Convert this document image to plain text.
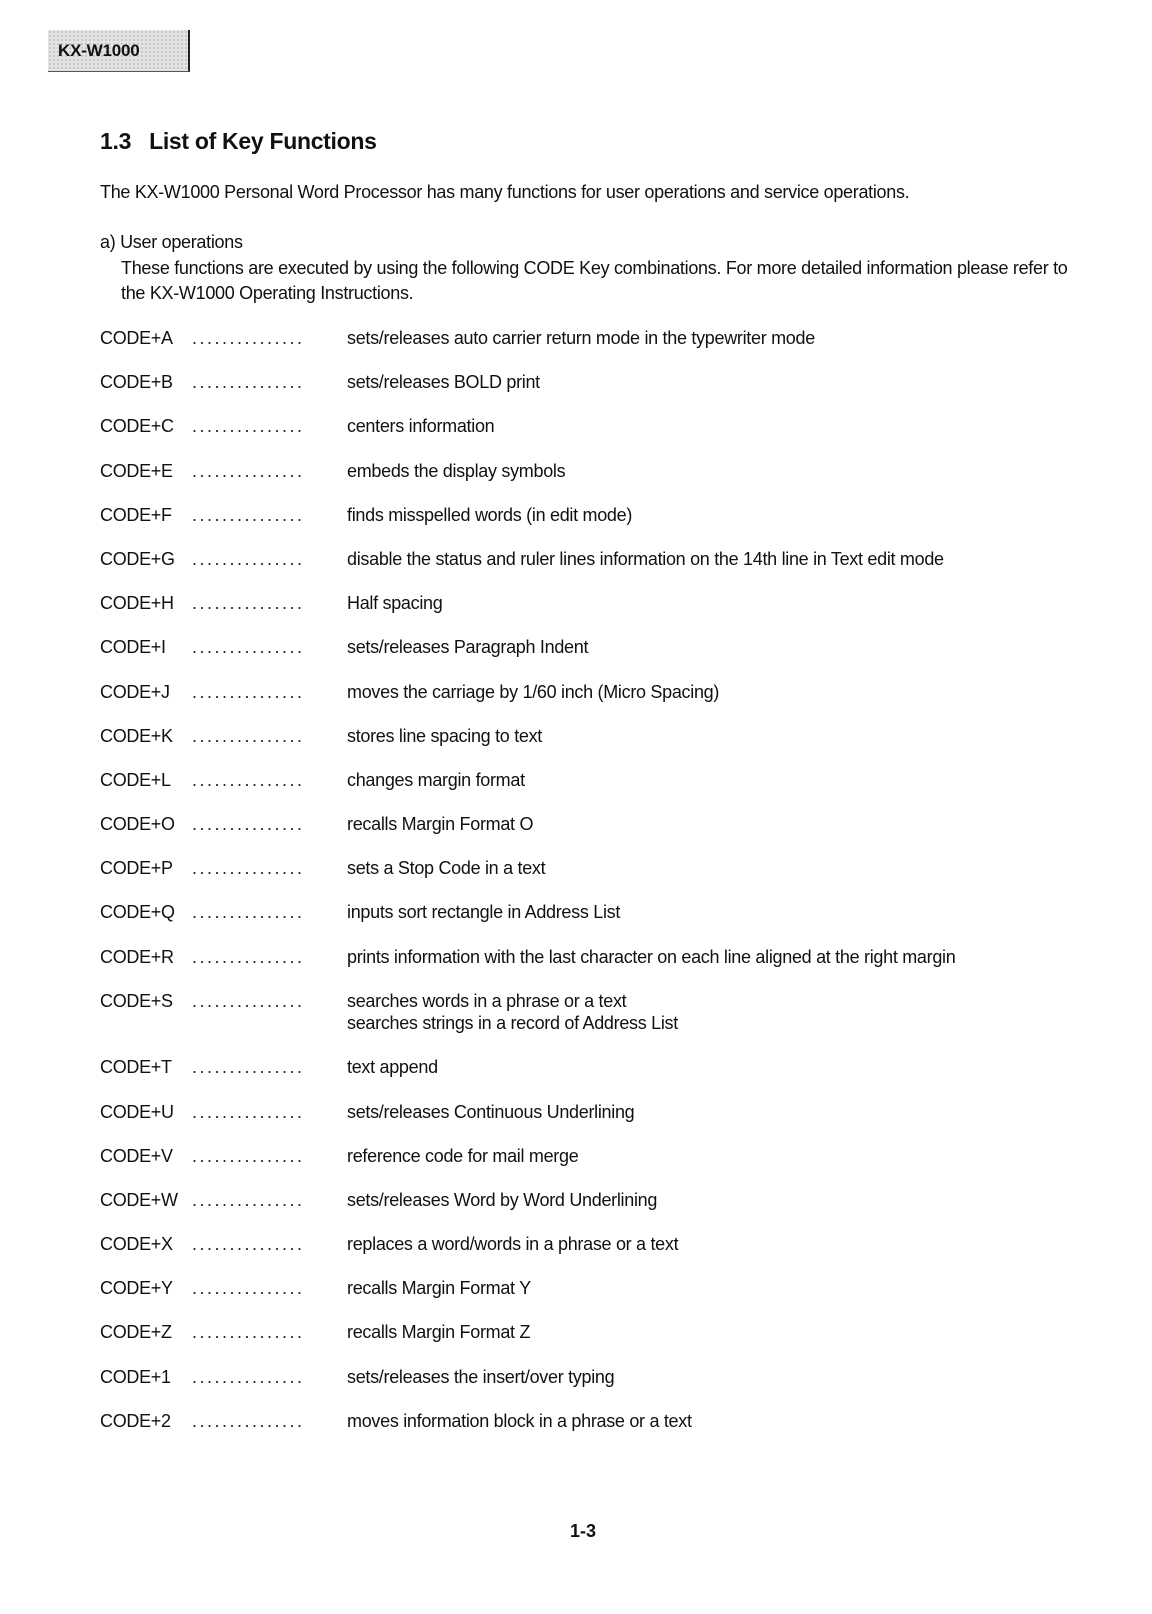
KX-W1000
1.3 List of Key Functions

The KX-W1000 Personal Word Processor has many functions for user operations and service operations.

a) User operations

These functions are executed by using the following CODE Key combinations. For more detailed information please refer to the KX-W1000 Operating Instructions.

CODE+A	...............	sets/releases auto carrier return mode in the typewriter mode
CODE+B	...............	sets/releases BOLD print
CODE+C	...............	centers information
CODE+E	...............	embeds the display symbols
CODE+F	...............	finds misspelled words (in edit mode)
CODE+G ...............	disable the status and ruler lines information on the 14th line in Text edit mode
CODE+H	...............	Half spacing
CODE+I	...............	sets/releases Paragraph Indent
CODE+J	...............	moves the carriage by 1/60 inch (Micro Spacing)
CODE+K	...............	stores line spacing to text
CODE+L	...............	changes margin format
CODE+O ...............	recalls Margin Format O
CODE+P	...............	sets a Stop Code in a text
CODE+Q ...............	inputs sort rectangle in Address List
CODE+R	...............	prints information with the last character on each line aligned at the right margin
CODE+S	...............	searches words in a phrase or a text
searches strings in a record of Address List
CODE+T	...............	text append
CODE+U	...............	sets/releases Continuous Underlining
CODE+V	...............	reference code for mail merge
CODE+W ...............	sets/releases Word by Word Underlining
CODE+X	...............	replaces a word/words in a phrase or a text
CODE+Y	...............	recalls Margin Format Y
CODE+Z	...............	recalls Margin Format Z
CODE+1	...............	sets/releases the insert/over typing
CODE+2	...............	moves information block in a phrase or a text
1-3
